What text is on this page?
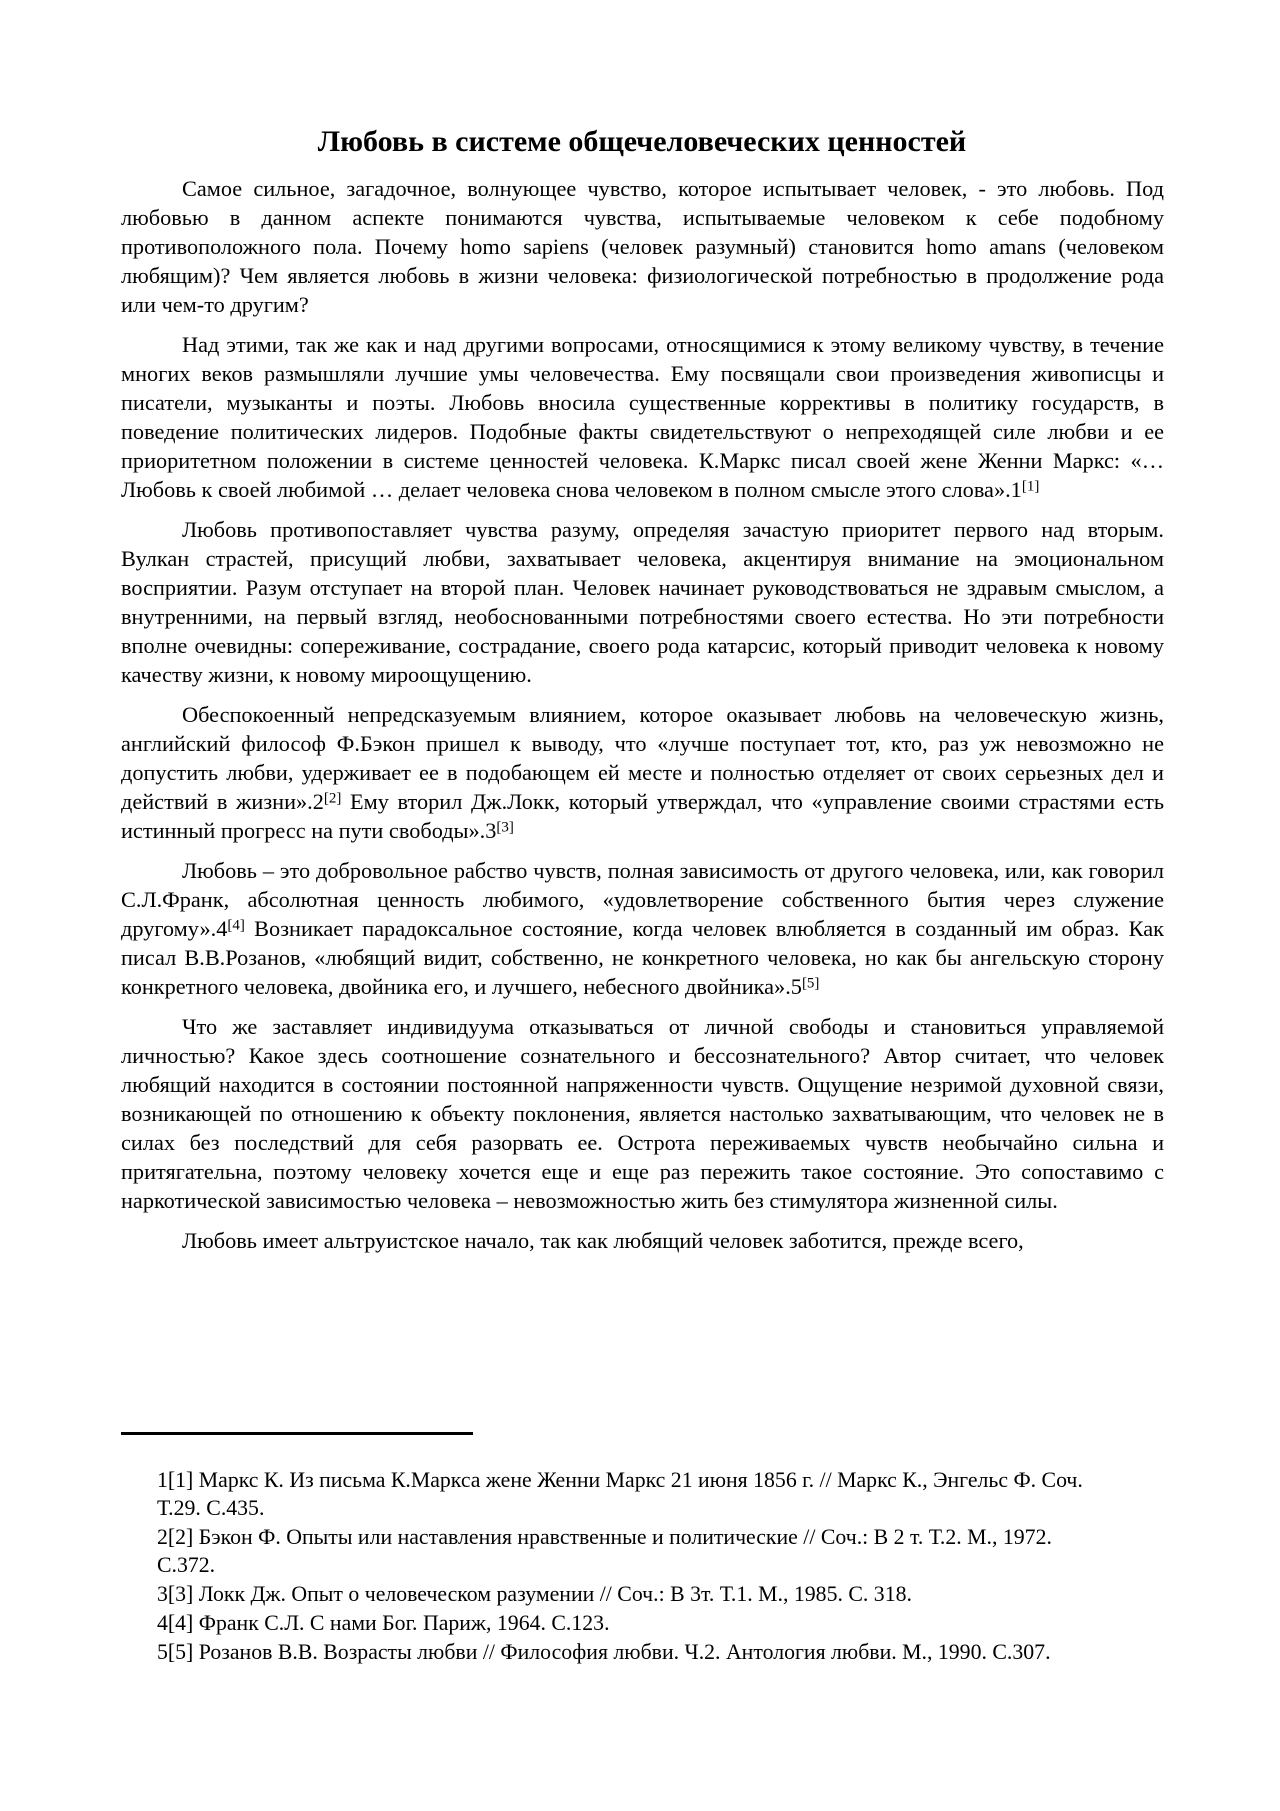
Любовь в системе общечеловеческих ценностей

Самое сильное, загадочное, волнующее чувство, которое испытывает человек, - это любовь. Под любовью в данном аспекте понимаются чувства, испытываемые человеком к себе подобному противоположного пола. Почему homo sapiens (человек разумный) становится homo amans (человеком любящим)? Чем является любовь в жизни человека: физиологической потребностью в продолжение рода или чем-то другим?

Над этими, так же как и над другими вопросами, относящимися к этому великому чувству, в течение многих веков размышляли лучшие умы человечества. Ему посвящали свои произведения живописцы и писатели, музыканты и поэты. Любовь вносила существенные коррективы в политику государств, в поведение политических лидеров. Подобные факты свидетельствуют о непреходящей силе любви и ее приоритетном положении в системе ценностей человека. К.Маркс писал своей жене Женни Маркс: «…Любовь к своей любимой … делает человека снова человеком в полном смысле этого слова».1[1]

Любовь противопоставляет чувства разуму, определяя зачастую приоритет первого над вторым. Вулкан страстей, присущий любви, захватывает человека, акцентируя внимание на эмоциональном восприятии. Разум отступает на второй план. Человек начинает руководствоваться не здравым смыслом, а внутренними, на первый взгляд, необоснованными потребностями своего естества. Но эти потребности вполне очевидны: сопереживание, сострадание, своего рода катарсис, который приводит человека к новому качеству жизни, к новому мироощущению.

Обеспокоенный непредсказуемым влиянием, которое оказывает любовь на человеческую жизнь, английский философ Ф.Бэкон пришел к выводу, что «лучше поступает тот, кто, раз уж невозможно не допустить любви, удерживает ее в подобающем ей месте и полностью отделяет от своих серьезных дел и действий в жизни».2[2] Ему вторил Дж.Локк, который утверждал, что «управление своими страстями есть истинный прогресс на пути свободы».3[3]

Любовь – это добровольное рабство чувств, полная зависимость от другого человека, или, как говорил С.Л.Франк, абсолютная ценность любимого, «удовлетворение собственного бытия через служение другому».4[4] Возникает парадоксальное состояние, когда человек влюбляется в созданный им образ. Как писал В.В.Розанов, «любящий видит, собственно, не конкретного человека, но как бы ангельскую сторону конкретного человека, двойника его, и лучшего, небесного двойника».5[5]

Что же заставляет индивидуума отказываться от личной свободы и становиться управляемой личностью? Какое здесь соотношение сознательного и бессознательного? Автор считает, что человек любящий находится в состоянии постоянной напряженности чувств. Ощущение незримой духовной связи, возникающей по отношению к объекту поклонения, является настолько захватывающим, что человек не в силах без последствий для себя разорвать ее. Острота переживаемых чувств необычайно сильна и притягательна, поэтому человеку хочется еще и еще раз пережить такое состояние. Это сопоставимо с наркотической зависимостью человека – невозможностью жить без стимулятора жизненной силы.

Любовь имеет альтруистское начало, так как любящий человек заботится, прежде всего,

1[1] Маркс К. Из письма К.Маркса жене Женни Маркс 21 июня 1856 г. // Маркс К., Энгельс Ф. Соч. Т.29. С.435.

2[2] Бэкон Ф. Опыты или наставления нравственные и политические // Соч.: В 2 т. Т.2. М., 1972. С.372.

3[3] Локк Дж. Опыт о человеческом разумении // Соч.: В 3т. Т.1. М., 1985. С. 318.

4[4] Франк С.Л. С нами Бог. Париж, 1964. С.123.

5[5] Розанов В.В. Возрасты любви // Философия любви. Ч.2. Антология любви. М., 1990. С.307.
